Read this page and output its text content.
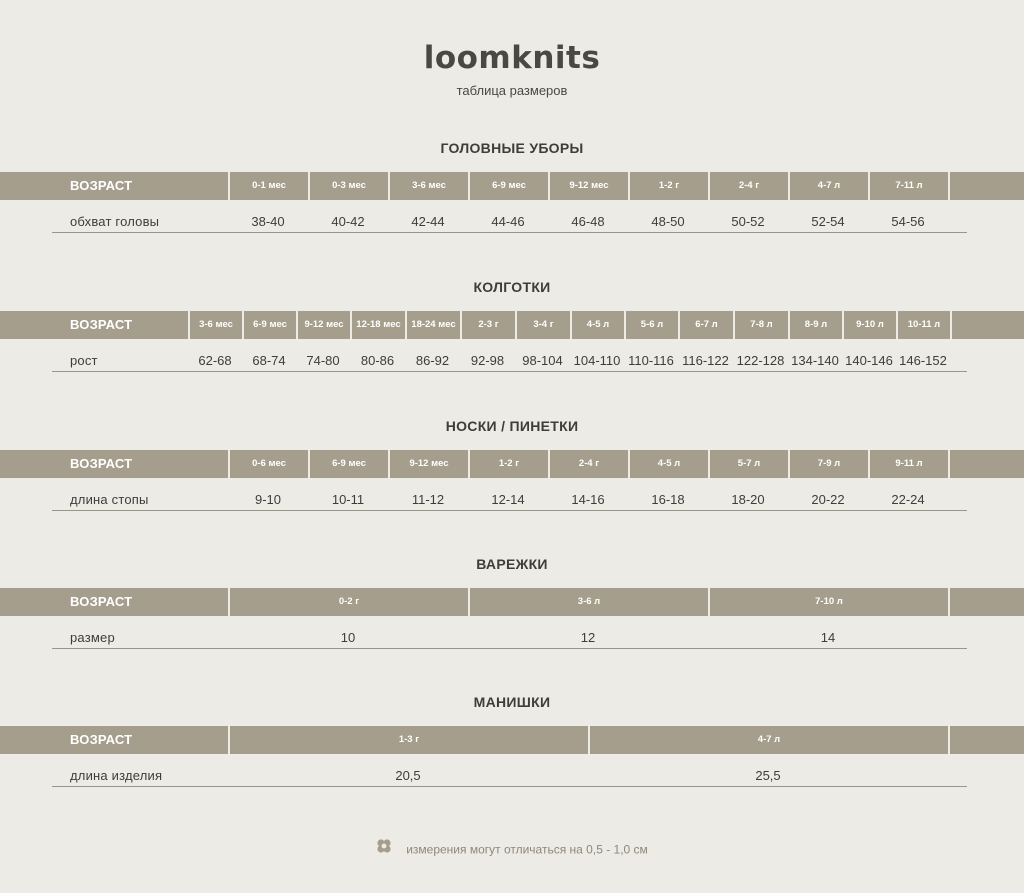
loomknits
таблица размеров
ГОЛОВНЫЕ УБОРЫ
ВОЗРАСТ	0-1 мес	0-3 мес	3-6 мес	6-9 мес	9-12 мес	1-2 г	2-4 г	4-7 л	7-11 л
обхват головы	38-40	40-42	42-44	44-46	46-48	48-50	50-52	52-54	54-56
КОЛГОТКИ
ВОЗРАСТ	3-6 мес	6-9 мес	9-12 мес	12-18 мес	18-24 мес	2-3 г	3-4 г	4-5 л	5-6 л	6-7 л	7-8 л	8-9 л	9-10 л	10-11 л
рост	62-68	68-74	74-80	80-86	86-92	92-98	98-104 104-110 110-116 116-122 122-128 134-140 140-146 146-152
НОСКИ / ПИНЕТКИ
ВОЗРАСТ	0-6 мес	6-9 мес	9-12 мес	1-2 г	2-4 г	4-5 л	5-7 л	7-9 л	9-11 л
длина стопы	9-10	10-11	11-12	12-14	14-16	16-18	18-20	20-22	22-24
ВАРЕЖКИ
ВОЗРАСТ	0-2 г	3-6 л	7-10 л
размер	10	12	14
МАНИШКИ
ВОЗРАСТ	1-3 г	4-7 л
длина изделия	20,5	25,5
измерения могут отличаться на 0,5 - 1,0 см
